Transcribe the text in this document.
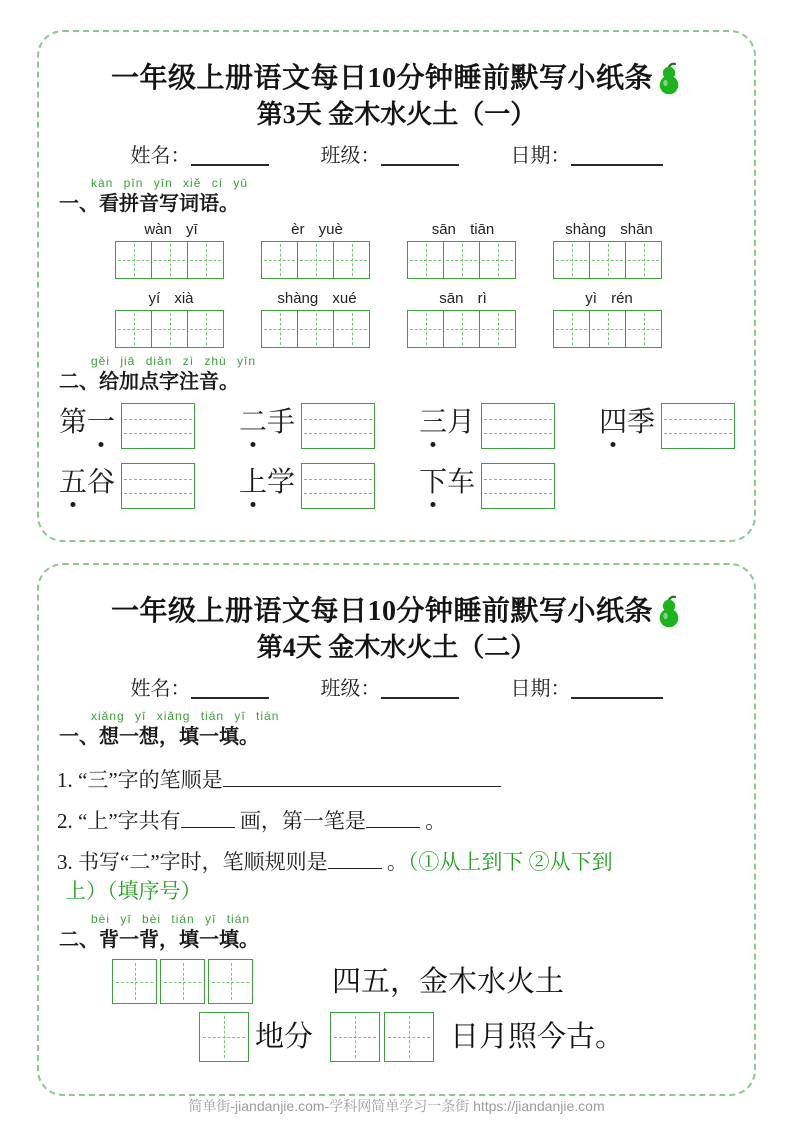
一年级上册语文每日10分钟睡前默写小纸条
第3天 金木水火土（一）
姓名：	班级：	日期：
kàn pīn yīn xiě cí yǔ
一、看拼音写词语。
wàn yī	èr yuè	sān tiān	shàng shān
yí xià	shàng xué	sān rì	yì rén
gěi jiā diǎn zì zhù yīn
二、给加点字注音。
第一	二手	三月	四季
五谷	上学	下车
一年级上册语文每日10分钟睡前默写小纸条
第4天 金木水火土（二）
姓名：	班级：	日期：
xiǎng yī xiǎng tián yī tián
一、想一想，填一填。
1. “三”字的笔顺是
2. “上”字共有	画，第一笔是	。
3. 书写“二”字时，笔顺规则是	。（①从上到下 ②从下到
上）（填序号）
bèi yī bèi tián yī tián
二、背一背，填一填。
四五，金木水火土
地分	日月照今古。
简单街-jiandanjie.com-学科网简单学习一条街 https://jiandanjie.com
